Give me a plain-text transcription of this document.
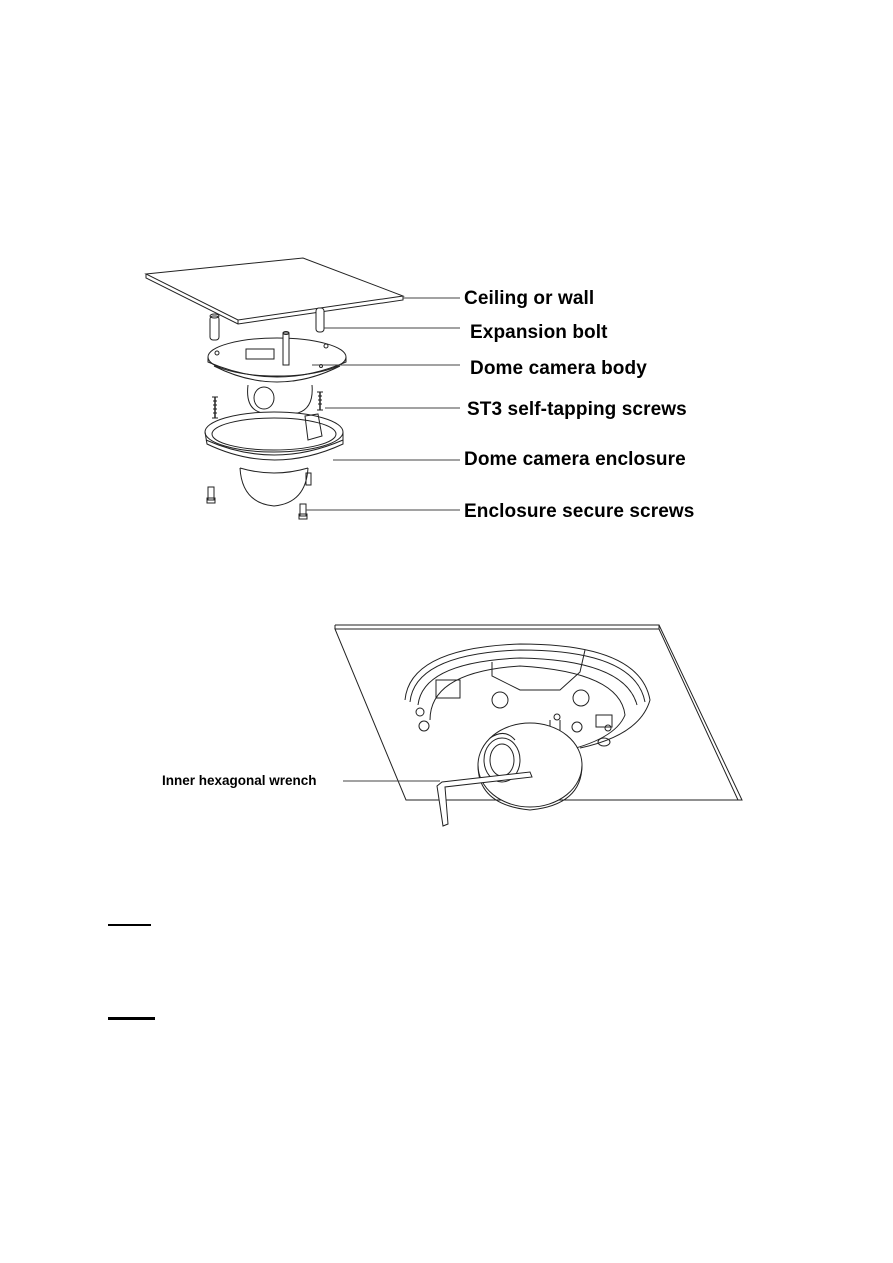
Ceiling or wall
Expansion bolt
Dome camera body
ST3 self-tapping screws
Dome camera enclosure
Enclosure secure screws
Inner hexagonal wrench
